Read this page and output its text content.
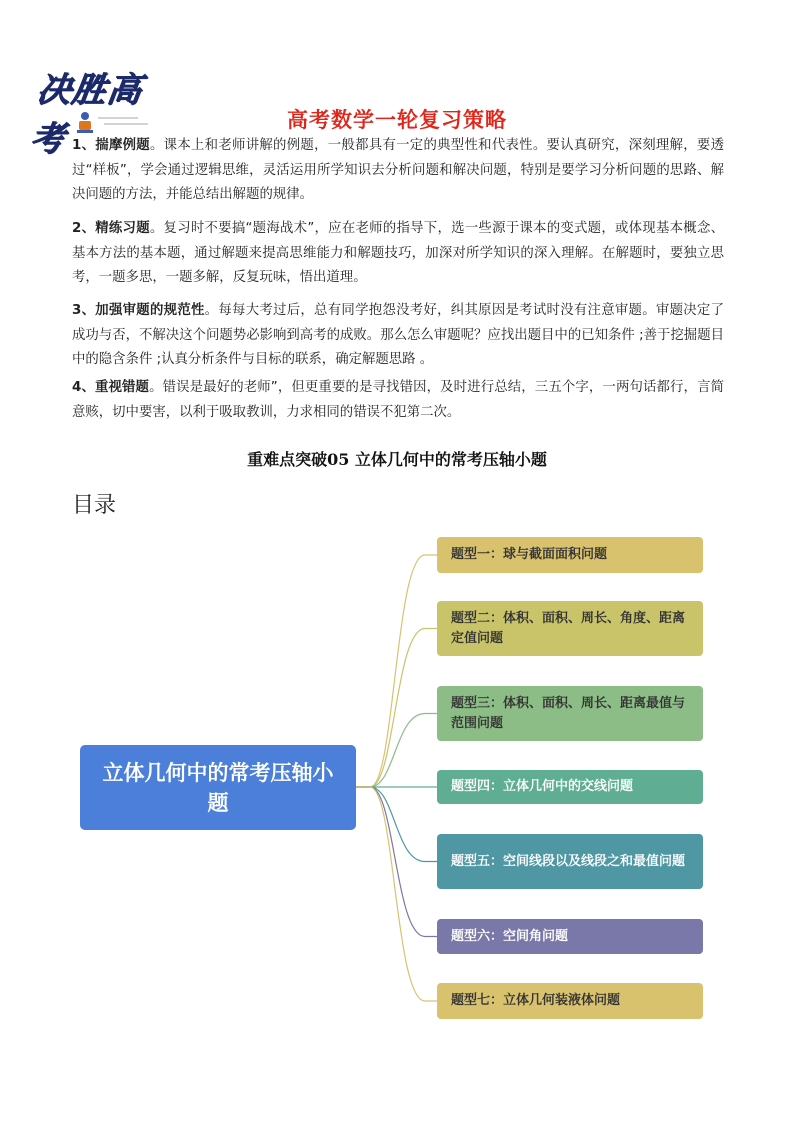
决胜高考	高考数学一轮复习策略
1、揣摩例题。课本上和老师讲解的例题，一般都具有一定的典型性和代表性。要认真研究，深刻理解，要透过“样板”，学会通过逻辑思维，灵活运用所学知识去分析问题和解决问题，特别是要学习分析问题的思路、解决问题的方法，并能总结出解题的规律。
2、精练习题。复习时不要搞“题海战术”，应在老师的指导下，选一些源于课本的变式题，或体现基本概念、基本方法的基本题，通过解题来提高思维能力和解题技巧，加深对所学知识的深入理解。在解题时，要独立思考，一题多思，一题多解，反复玩味，悟出道理。
3、加强审题的规范性。每每大考过后，总有同学抱怨没考好，纠其原因是考试时没有注意审题。审题决定了成功与否，不解决这个问题势必影响到高考的成败。那么怎么审题呢？应找出题目中的已知条件 ;善于挖掘题目中的隐含条件 ;认真分析条件与目标的联系，确定解题思路 。
4、重视错题。错误是最好的老师”，但更重要的是寻找错因，及时进行总结，三五个字，一两句话都行，言简意赅，切中要害，以利于吸取教训，力求相同的错误不犯第二次。
重难点突破05 立体几何中的常考压轴小题
目录
立体几何中的常考压轴小题
题型一：球与截面面积问题
题型二：体积、面积、周长、角度、距离定值问题
题型三：体积、面积、周长、距离最值与范围问题
题型四：立体几何中的交线问题
题型五：空间线段以及线段之和最值问题
题型六：空间角问题
题型七：立体几何装液体问题
